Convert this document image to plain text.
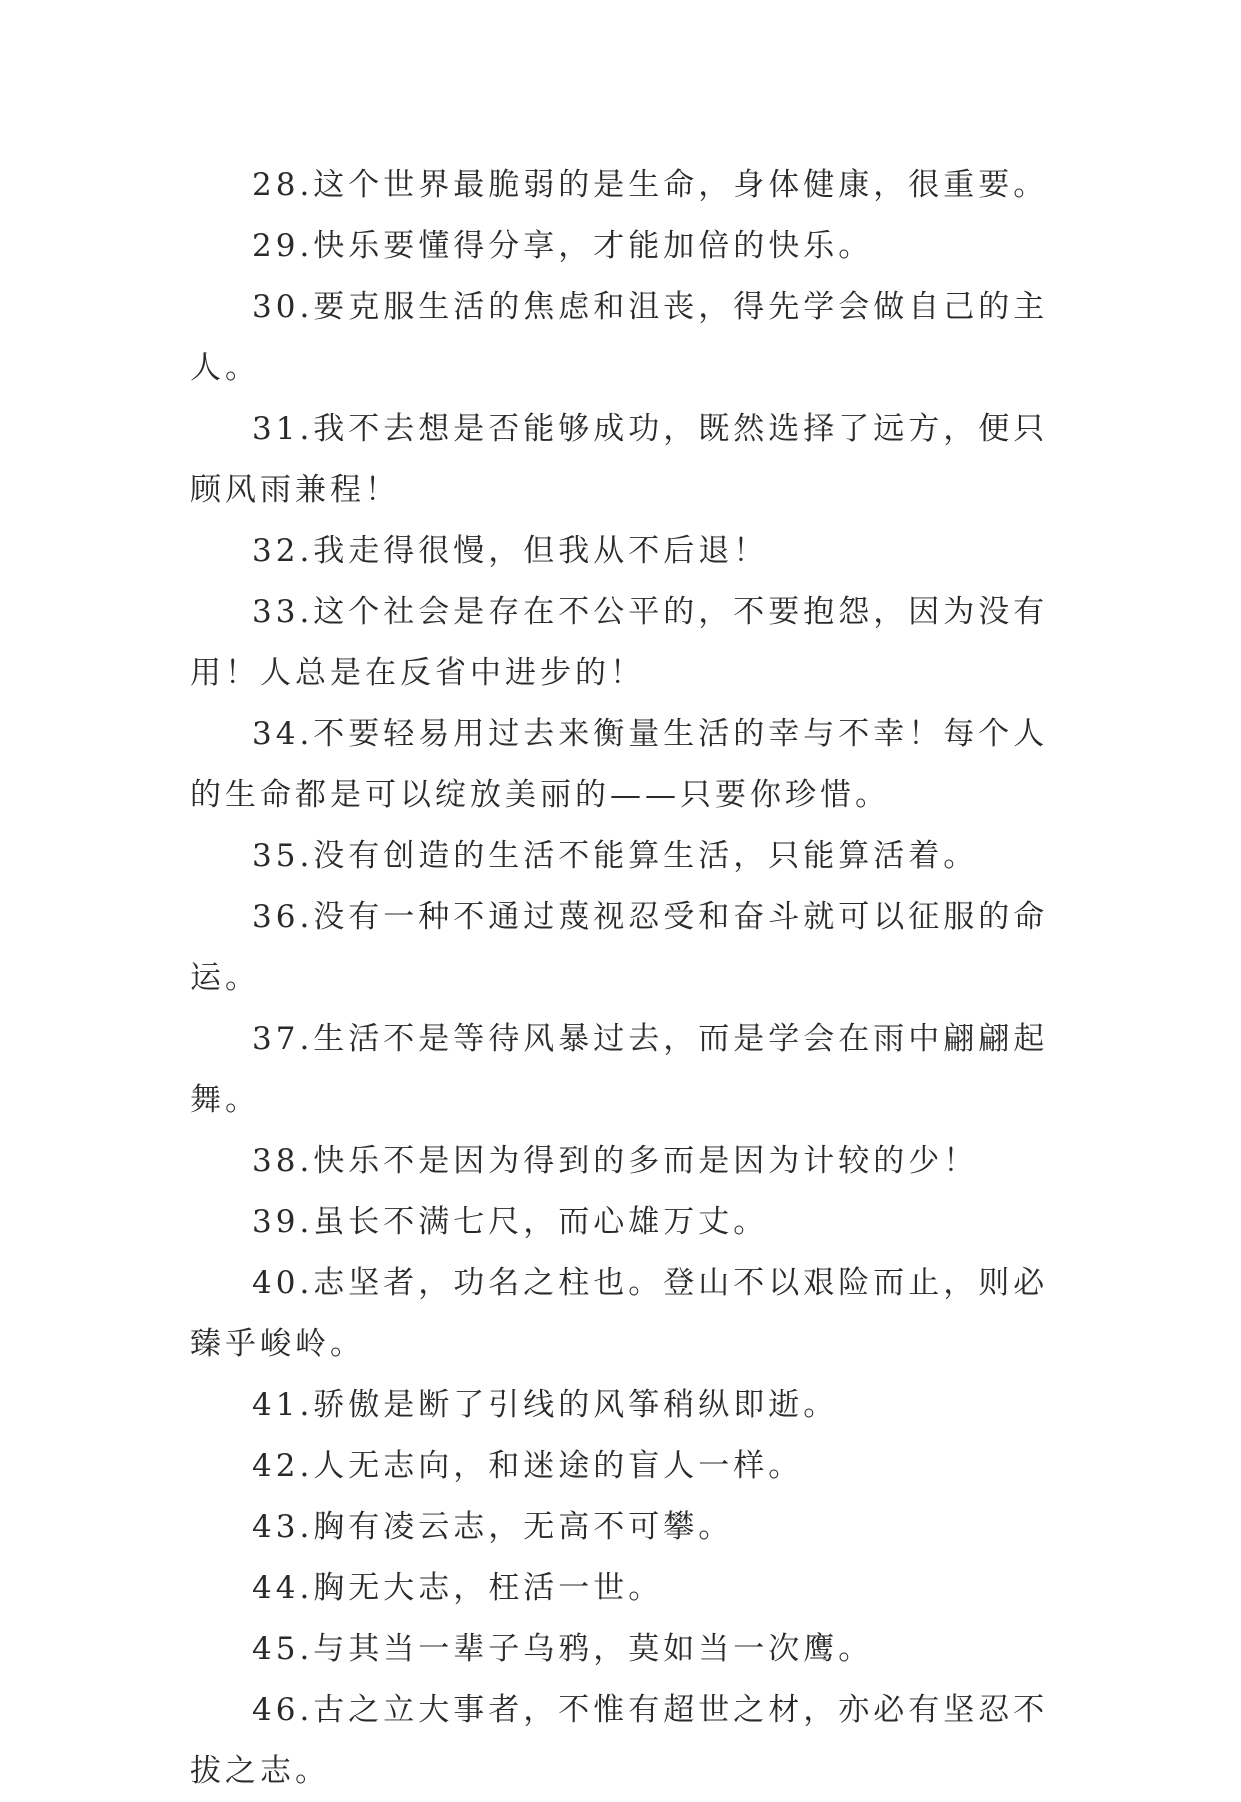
28.这个世界最脆弱的是生命，身体健康，很重要。

29.快乐要懂得分享，才能加倍的快乐。

30.要克服生活的焦虑和沮丧，得先学会做自己的主人。

31.我不去想是否能够成功，既然选择了远方，便只顾风雨兼程！

32.我走得很慢，但我从不后退！

33.这个社会是存在不公平的，不要抱怨，因为没有用！人总是在反省中进步的！

34.不要轻易用过去来衡量生活的幸与不幸！每个人的生命都是可以绽放美丽的——只要你珍惜。

35.没有创造的生活不能算生活，只能算活着。

36.没有一种不通过蔑视忍受和奋斗就可以征服的命运。

37.生活不是等待风暴过去，而是学会在雨中翩翩起舞。

38.快乐不是因为得到的多而是因为计较的少！

39.虽长不满七尺，而心雄万丈。

40.志坚者，功名之柱也。登山不以艰险而止，则必臻乎峻岭。

41.骄傲是断了引线的风筝稍纵即逝。

42.人无志向，和迷途的盲人一样。

43.胸有凌云志，无高不可攀。

44.胸无大志，枉活一世。

45.与其当一辈子乌鸦，莫如当一次鹰。

46.古之立大事者，不惟有超世之材，亦必有坚忍不拔之志。
